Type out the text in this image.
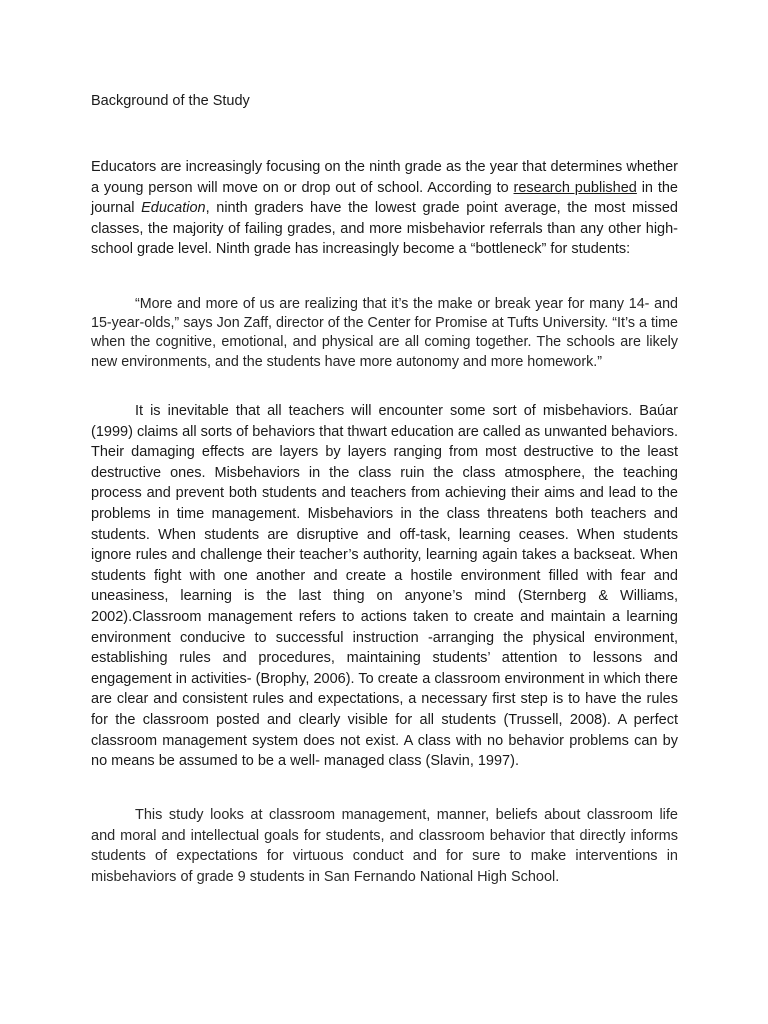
Background of the Study

Educators are increasingly focusing on the ninth grade as the year that determines whether a young person will move on or drop out of school. According to research published in the journal Education, ninth graders have the lowest grade point average, the most missed classes, the majority of failing grades, and more misbehavior referrals than any other high-school grade level. Ninth grade has increasingly become a “bottleneck” for students:

“More and more of us are realizing that it’s the make or break year for many 14- and 15-year-olds,” says Jon Zaff, director of the Center for Promise at Tufts University. “It’s a time when the cognitive, emotional, and physical are all coming together. The schools are likely new environments, and the students have more autonomy and more homework.”

It is inevitable that all teachers will encounter some sort of misbehaviors. Baúar (1999) claims all sorts of behaviors that thwart education are called as unwanted behaviors. Their damaging effects are layers by layers ranging from most destructive to the least destructive ones. Misbehaviors in the class ruin the class atmosphere, the teaching process and prevent both students and teachers from achieving their aims and lead to the problems in time management. Misbehaviors in the class threatens both teachers and students. When students are disruptive and off-task, learning ceases. When students ignore rules and challenge their teacher’s authority, learning again takes a backseat. When students fight with one another and create a hostile environment filled with fear and uneasiness, learning is the last thing on anyone’s mind (Sternberg & Williams, 2002).Classroom management refers to actions taken to create and maintain a learning environment conducive to successful instruction -arranging the physical environment, establishing rules and procedures, maintaining students’ attention to lessons and engagement in activities- (Brophy, 2006). To create a classroom environment in which there are clear and consistent rules and expectations, a necessary first step is to have the rules for the classroom posted and clearly visible for all students (Trussell, 2008). A perfect classroom management system does not exist. A class with no behavior problems can by no means be assumed to be a well- managed class (Slavin, 1997).

This study looks at classroom management, manner, beliefs about classroom life and moral and intellectual goals for students, and classroom behavior that directly informs students of expectations for virtuous conduct and for sure to make interventions in misbehaviors of grade 9 students in San Fernando National High School.
